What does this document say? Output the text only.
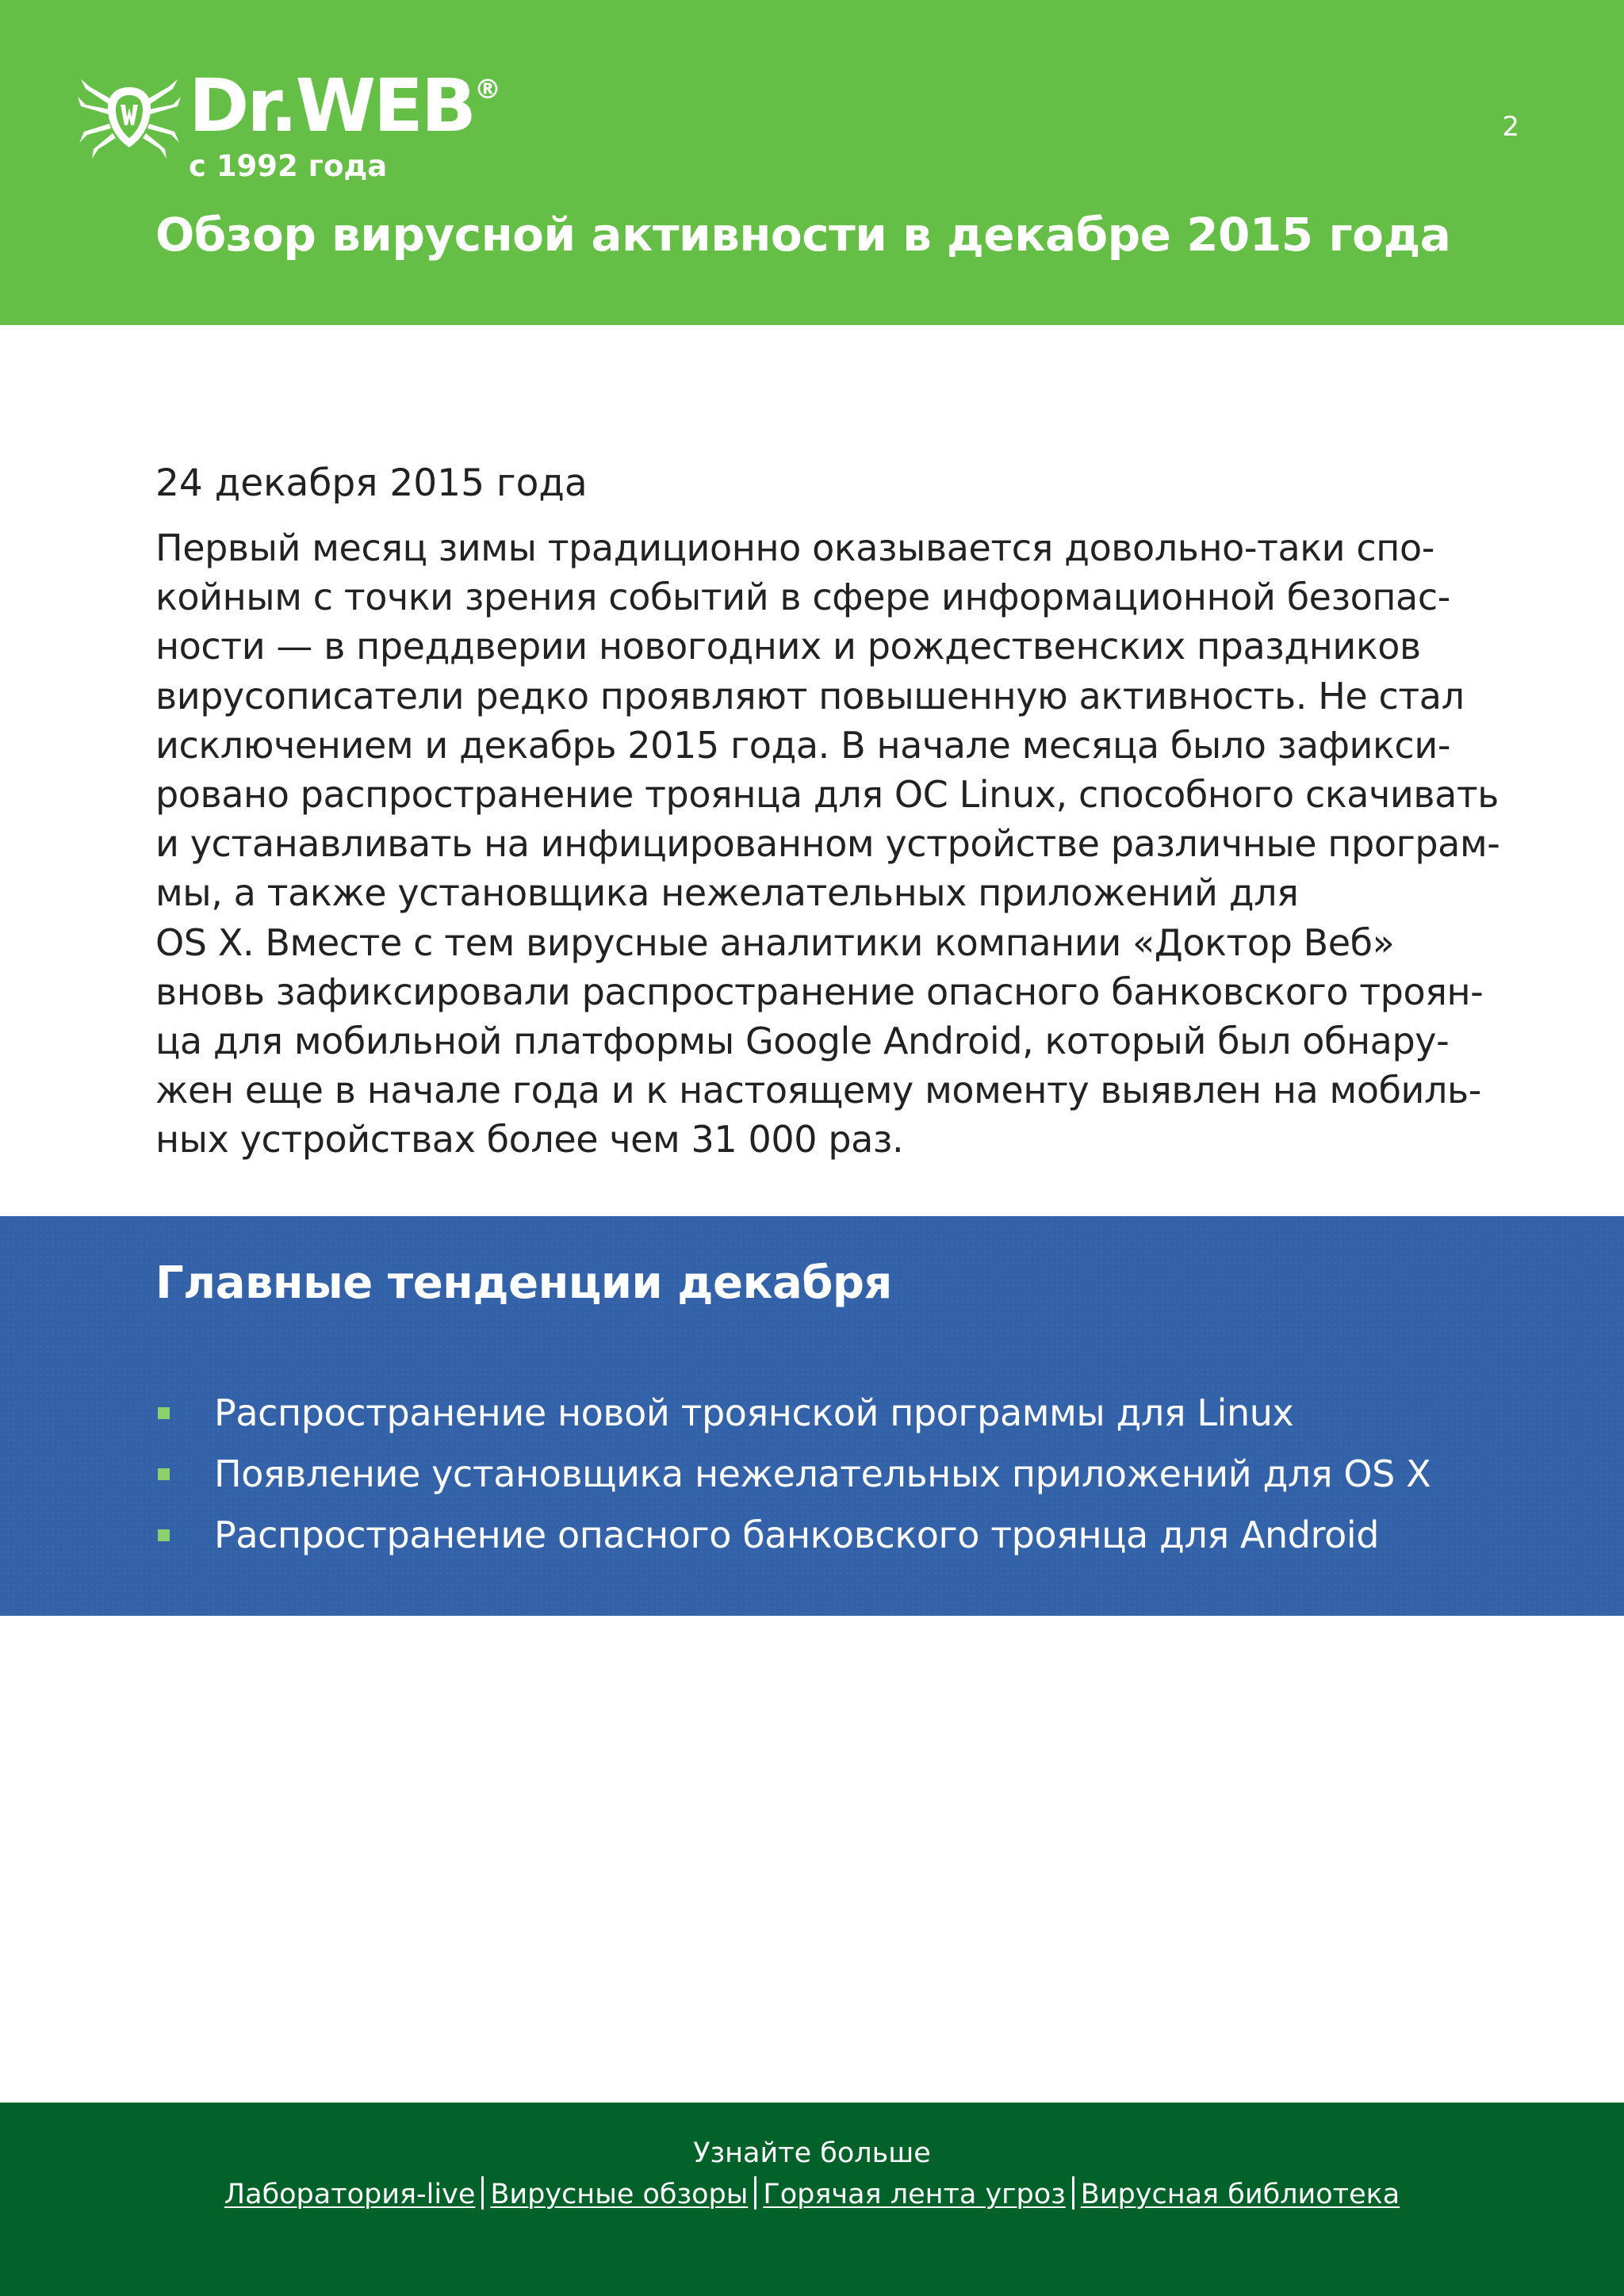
Dr.WEB®
с 1992 года
2
Обзор вирусной активности в декабре 2015 года

24 декабря 2015 года

Первый месяц зимы традиционно оказывается довольно-таки спо-
койным с точки зрения событий в сфере информационной безопас-
ности — в преддверии новогодних и рождественских праздников
вирусописатели редко проявляют повышенную активность. Не стал
исключением и декабрь 2015 года. В начале месяца было зафикси-
ровано распространение троянца для ОС Linux, способного скачивать
и устанавливать на инфицированном устройстве различные програм-
мы, а также установщика нежелательных приложений для
OS X. Вместе с тем вирусные аналитики компании «Доктор Веб»
вновь зафиксировали распространение опасного банковского троян-
ца для мобильной платформы Google Android, который был обнару-
жен еще в начале года и к настоящему моменту выявлен на мобиль-
ных устройствах более чем 31 000 раз.

Главные тенденции декабря
Распространение новой троянской программы для Linux
Появление установщика нежелательных приложений для OS X
Распространение опасного банковского троянца для Android
Узнайте больше
Лаборатория-live Вирусные обзоры Горячая лента угроз Вирусная библиотека
